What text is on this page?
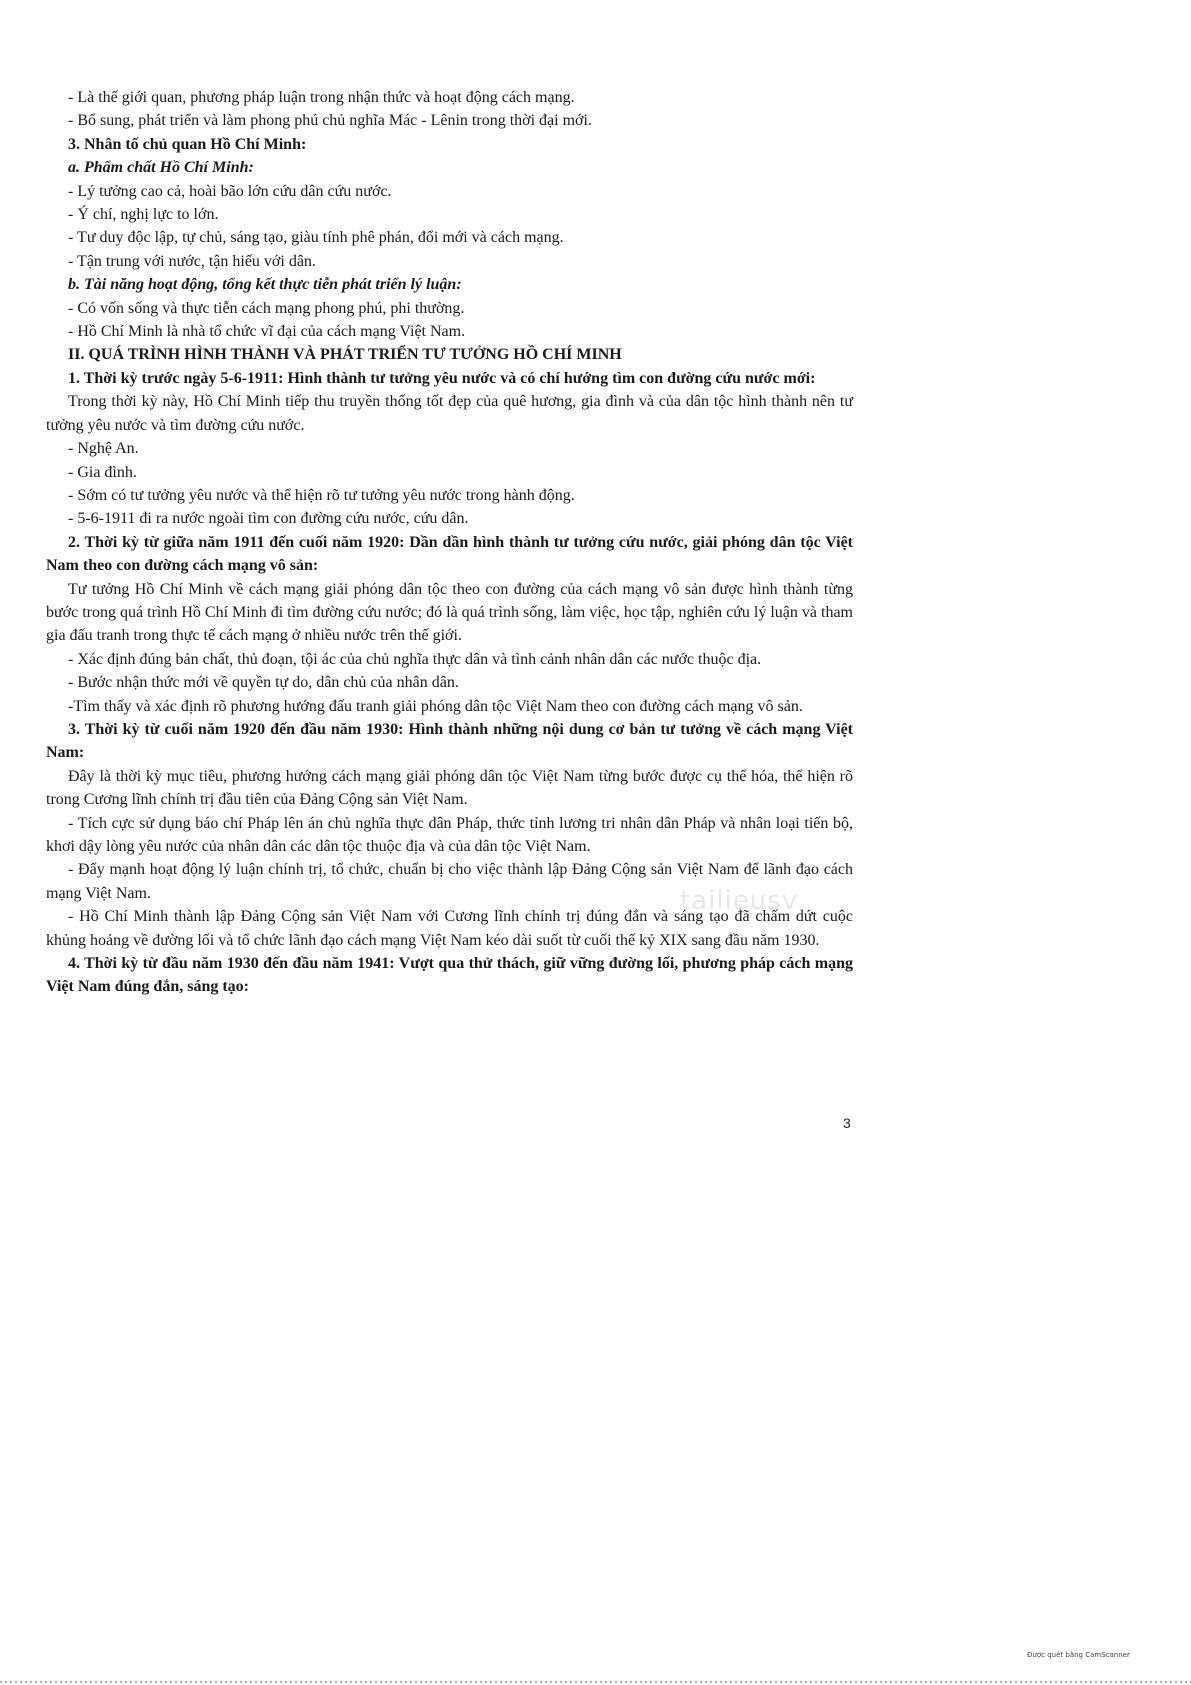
- Là thế giới quan, phương pháp luận trong nhận thức và hoạt động cách mạng.

- Bổ sung, phát triển và làm phong phú chủ nghĩa Mác - Lênin trong thời đại mới.

3. Nhân tố chủ quan Hồ Chí Minh:

a. Phẩm chất Hồ Chí Minh:

- Lý tưởng cao cả, hoài bão lớn cứu dân cứu nước.

- Ý chí, nghị lực to lớn.

- Tư duy độc lập, tự chủ, sáng tạo, giàu tính phê phán, đổi mới và cách mạng.

- Tận trung với nước, tận hiếu với dân.

b. Tài năng hoạt động, tổng kết thực tiễn phát triển lý luận:

- Có vốn sống và thực tiễn cách mạng phong phú, phi thường.

- Hồ Chí Minh là nhà tổ chức vĩ đại của cách mạng Việt Nam.

II. QUÁ TRÌNH HÌNH THÀNH VÀ PHÁT TRIỂN TƯ TƯỞNG HỒ CHÍ MINH

1. Thời kỳ trước ngày 5-6-1911: Hình thành tư tưởng yêu nước và có chí hướng tìm con đường cứu nước mới:

Trong thời kỳ này, Hồ Chí Minh tiếp thu truyền thống tốt đẹp của quê hương, gia đình và của dân tộc hình thành nên tư tưởng yêu nước và tìm đường cứu nước.

- Nghệ An.

- Gia đình.

- Sớm có tư tưởng yêu nước và thể hiện rõ tư tưởng yêu nước trong hành động.

- 5-6-1911 đi ra nước ngoài tìm con đường cứu nước, cứu dân.

2. Thời kỳ từ giữa năm 1911 đến cuối năm 1920: Dần dần hình thành tư tưởng cứu nước, giải phóng dân tộc Việt Nam theo con đường cách mạng vô sản:

Tư tưởng Hồ Chí Minh về cách mạng giải phóng dân tộc theo con đường của cách mạng vô sản được hình thành từng bước trong quá trình Hồ Chí Minh đi tìm đường cứu nước; đó là quá trình sống, làm việc, học tập, nghiên cứu lý luận và tham gia đấu tranh trong thực tế cách mạng ở nhiều nước trên thế giới.

- Xác định đúng bản chất, thủ đoạn, tội ác của chủ nghĩa thực dân và tình cảnh nhân dân các nước thuộc địa.

- Bước nhận thức mới về quyền tự do, dân chủ của nhân dân.

-Tìm thấy và xác định rõ phương hướng đấu tranh giải phóng dân tộc Việt Nam theo con đường cách mạng vô sản.

3. Thời kỳ từ cuối năm 1920 đến đầu năm 1930: Hình thành những nội dung cơ bản tư tưởng về cách mạng Việt Nam:

Đây là thời kỳ mục tiêu, phương hướng cách mạng giải phóng dân tộc Việt Nam từng bước được cụ thể hóa, thể hiện rõ trong Cương lĩnh chính trị đầu tiên của Đảng Cộng sản Việt Nam.

- Tích cực sử dụng báo chí Pháp lên án chủ nghĩa thực dân Pháp, thức tỉnh lương tri nhân dân Pháp và nhân loại tiến bộ, khơi dậy lòng yêu nước của nhân dân các dân tộc thuộc địa và của dân tộc Việt Nam.

- Đẩy mạnh hoạt động lý luận chính trị, tổ chức, chuẩn bị cho việc thành lập Đảng Cộng sản Việt Nam để lãnh đạo cách mạng Việt Nam.

- Hồ Chí Minh thành lập Đảng Cộng sản Việt Nam với Cương lĩnh chính trị đúng đắn và sáng tạo đã chấm dứt cuộc khủng hoảng về đường lối và tổ chức lãnh đạo cách mạng Việt Nam kéo dài suốt từ cuối thế kỷ XIX sang đầu năm 1930.

4. Thời kỳ từ đầu năm 1930 đến đầu năm 1941: Vượt qua thử thách, giữ vững đường lối, phương pháp cách mạng Việt Nam đúng đắn, sáng tạo:

3
tailieusv
Được quét bằng CamScanner
